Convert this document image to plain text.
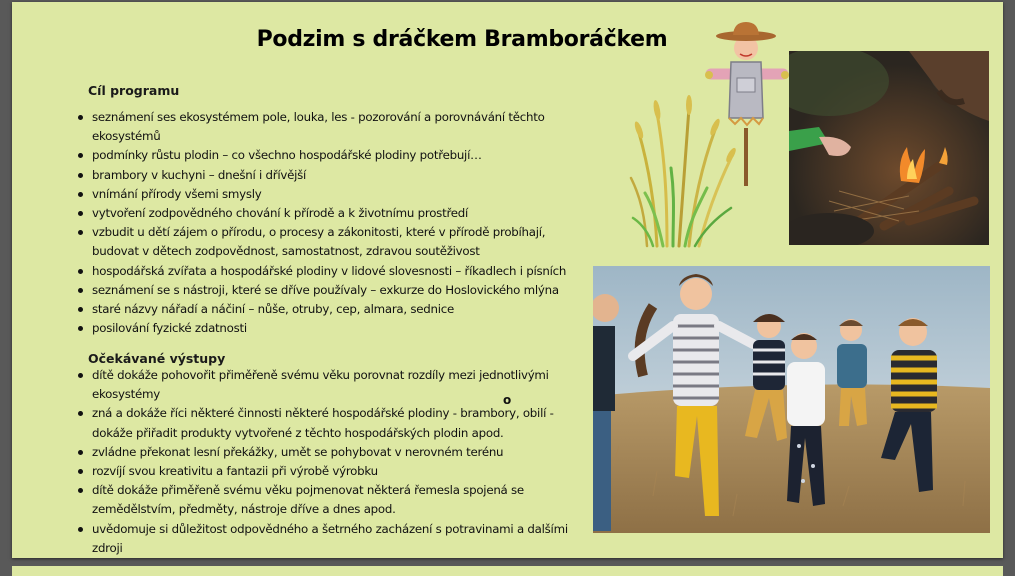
Podzim s dráčkem Bramboráčkem
Cíl programu
seznámení ses ekosystémem pole, louka, les - pozorování a porovnávání těchto ekosystémů
podmínky růstu plodin – co všechno hospodářské plodiny potřebují…
brambory v kuchyni – dnešní i dřívější
vnímání přírody všemi smysly
vytvoření zodpovědného chování k přírodě a k životnímu prostředí
vzbudit u dětí zájem o přírodu, o procesy a zákonitosti, které v přírodě probíhají, budovat v dětech zodpovědnost, samostatnost, zdravou soutěživost
hospodářská zvířata a hospodářské plodiny v lidové slovesnosti – říkadlech i písních
seznámení se s nástroji, které se dříve používaly – exkurze do Hoslovického mlýna
staré názvy nářadí a náčiní – nůše, otruby, cep, almara, sednice
posilování fyzické zdatnosti
Očekávané výstupy
dítě dokáže pohovořit přiměřeně svému věku porovnat rozdíly mezi jednotlivými ekosystémy
zná a dokáže říci některé činnosti některé hospodářské plodiny - brambory, obilí - dokáže přiřadit produkty vytvořené z těchto hospodářských plodin apod.
zvládne překonat lesní překážky, umět se pohybovat v nerovném terénu
rozvíjí svou kreativitu a fantazii při výrobě výrobku
dítě dokáže přiměřeně svému věku pojmenovat některá řemesla spojená se zemědělstvím, předměty, nástroje dříve a dnes apod.
uvědomuje si důležitost odpovědného a šetrného zacházení s potravinami a dalšími zdroji
o
